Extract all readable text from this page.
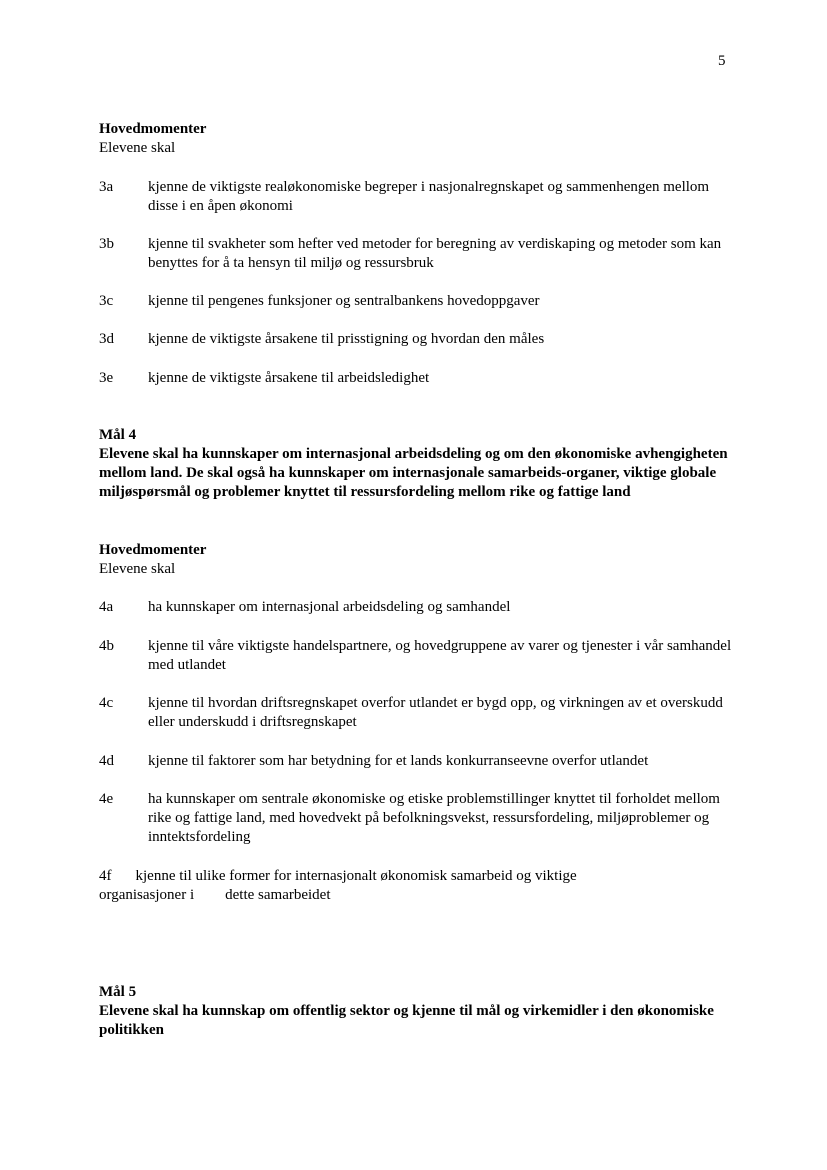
5
Hovedmomenter
Elevene skal
3a	kjenne de viktigste realøkonomiske begreper i nasjonalregnskapet og sammenhengen mellom disse i en åpen økonomi
3b	kjenne til svakheter som hefter ved metoder for beregning av verdiskaping og metoder som kan benyttes for å ta hensyn til miljø og ressursbruk
3c	kjenne til pengenes funksjoner og sentralbankens hovedoppgaver
3d	kjenne de viktigste årsakene til prisstigning og hvordan den måles
3e	kjenne de viktigste årsakene til arbeidsledighet
Mål 4
Elevene skal ha kunnskaper om internasjonal arbeidsdeling og om den økonomiske avhengigheten mellom land. De skal også ha kunnskaper om internasjonale samarbeids-organer, viktige globale miljøspørsmål og problemer knyttet til ressursfordeling mellom rike og fattige land
Hovedmomenter
Elevene skal
4a	ha kunnskaper om internasjonal arbeidsdeling og samhandel
4b	kjenne til våre viktigste handelspartnere, og hovedgruppene av varer og tjenester i vår samhandel med utlandet
4c	kjenne til hvordan driftsregnskapet overfor utlandet er bygd opp, og virkningen av et overskudd eller underskudd i driftsregnskapet
4d	kjenne til faktorer som har betydning for et lands konkurranseevne overfor utlandet
4e	ha kunnskaper om sentrale økonomiske og etiske problemstillinger knyttet til forholdet mellom rike og fattige land, med hovedvekt på befolkningsvekst, ressursfordeling, miljøproblemer og inntektsfordeling
4f kjenne til ulike former for internasjonalt økonomisk samarbeid og viktige
organisasjoner i dette samarbeidet
Mål 5
Elevene skal ha kunnskap om offentlig sektor og kjenne til mål og virkemidler i den økonomiske politikken
